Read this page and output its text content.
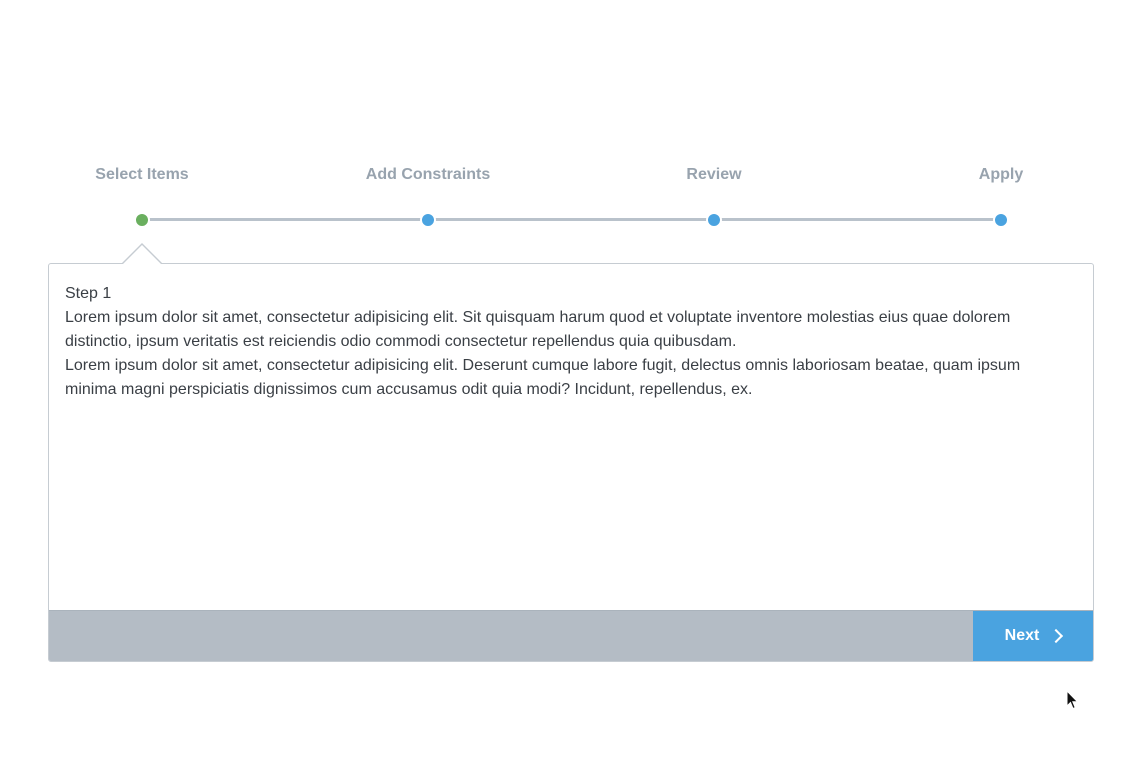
Select Items	Add Constraints	Review	Apply

Step 1

Lorem ipsum dolor sit amet, consectetur adipisicing elit. Sit quisquam harum quod et voluptate inventore molestias eius quae dolorem distinctio, ipsum veritatis est reiciendis odio commodi consectetur repellendus quia quibusdam.

Lorem ipsum dolor sit amet, consectetur adipisicing elit. Deserunt cumque labore fugit, delectus omnis laboriosam beatae, quam ipsum minima magni perspiciatis dignissimos cum accusamus odit quia modi? Incidunt, repellendus, ex.

Next
